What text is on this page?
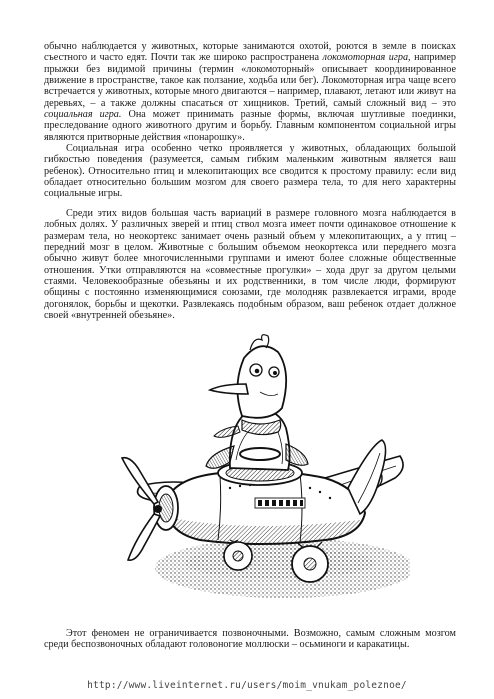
обычно наблюдается у животных, которые занимаются охотой, роются в земле в поисках съестного и часто едят. Почти так же широко распространена локомоторная игра, например прыжки без видимой причины (термин «локомоторный» описывает координированное движение в пространстве, такое как ползание, ходьба или бег). Локомоторная игра чаще всего встречается у животных, которые много двигаются – например, плавают, летают или живут на деревьях, – а также должны спасаться от хищников. Третий, самый сложный вид – это социальная игра. Она может принимать разные формы, включая шутливые поединки, преследование одного животного другим и борьбу. Главным компонентом социальной игры являются притворные действия «понарошку».

Социальная игра особенно четко проявляется у животных, обладающих большой гибкостью поведения (разумеется, самым гибким маленьким животным является ваш ребенок). Относительно птиц и млекопитающих все сводится к простому правилу: если вид обладает относительно большим мозгом для своего размера тела, то для него характерны социальные игры.

Среди этих видов большая часть вариаций в размере головного мозга наблюдается в лобных долях. У различных зверей и птиц ствол мозга имеет почти одинаковое отношение к размерам тела, но неокортекс занимает очень разный объем у млекопитающих, а у птиц – передний мозг в целом. Животные с большим объемом неокортекса или переднего мозга обычно живут более многочисленными группами и имеют более сложные общественные отношения. Утки отправляются на «совместные прогулки» – хода друг за другом целыми стаями. Человекообразные обезьяны и их родственники, в том числе люди, формируют общины с постоянно изменяющимися союзами, где молодняк развлекается играми, вроде догонялок, борьбы и щекотки. Развлекаясь подобным образом, ваш ребенок отдает должное своей «внутренней обезьяне».

Этот феномен не ограничивается позвоночными. Возможно, самым сложным мозгом среди беспозвоночных обладают головоногие моллюски – осьминоги и каракатицы.

http://www.liveinternet.ru/users/moim_vnukam_poleznoe/
